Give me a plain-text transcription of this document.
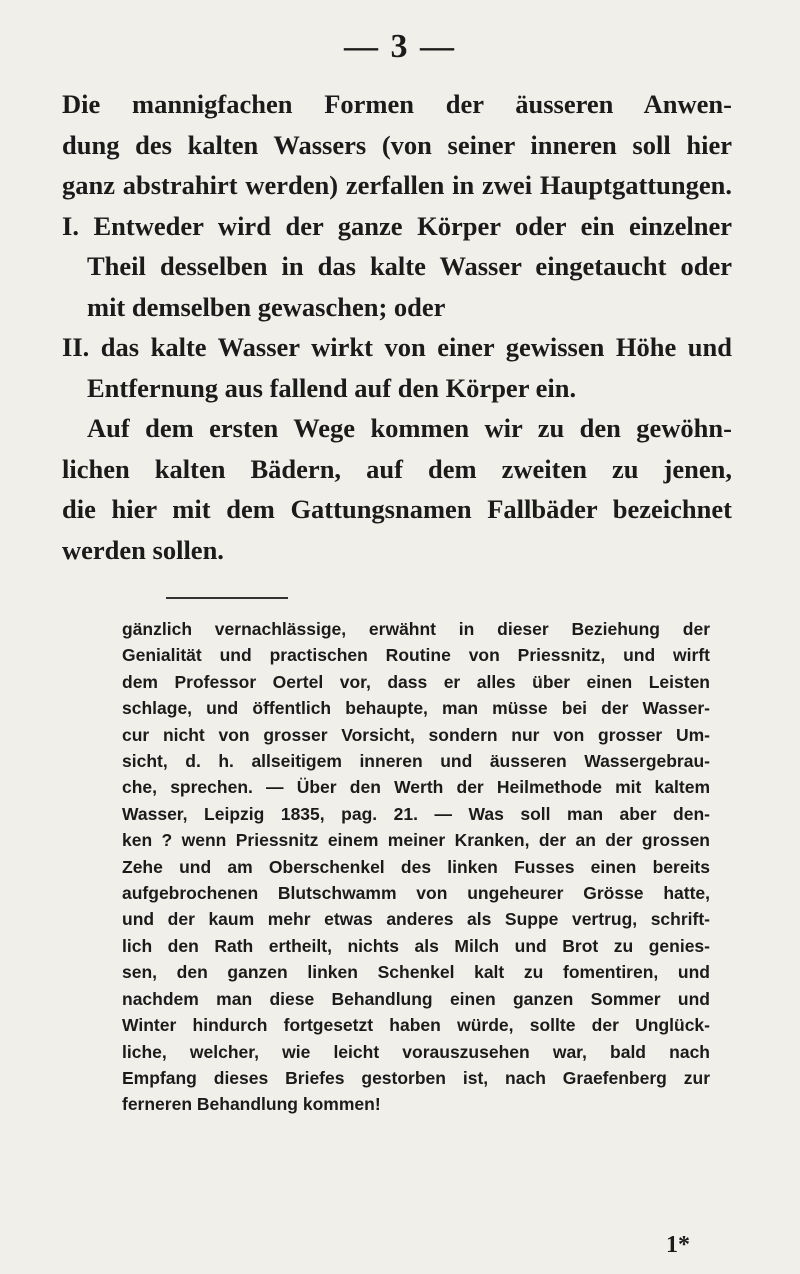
— 3 —
Die mannigfachen Formen der äusseren Anwen-
dung des kalten Wassers (von seiner inneren soll hier
ganz abstrahirt werden) zerfallen in zwei Hauptgattungen.
I. Entweder wird der ganze Körper oder ein einzelner
Theil desselben in das kalte Wasser eingetaucht oder
mit demselben gewaschen; oder
II. das kalte Wasser wirkt von einer gewissen Höhe und
Entfernung aus fallend auf den Körper ein.
Auf dem ersten Wege kommen wir zu den gewöhn-
lichen kalten Bädern, auf dem zweiten zu jenen,
die hier mit dem Gattungsnamen Fallbäder bezeichnet
werden sollen.
gänzlich vernachlässige, erwähnt in dieser Beziehung der
Genialität und practischen Routine von Priessnitz, und wirft
dem Professor Oertel vor, dass er alles über einen Leisten
schlage, und öffentlich behaupte, man müsse bei der Wasser-
cur nicht von grosser Vorsicht, sondern nur von grosser Um-
sicht, d. h. allseitigem inneren und äusseren Wassergebrau-
che, sprechen. — Über den Werth der Heilmethode mit kaltem
Wasser, Leipzig 1835, pag. 21. — Was soll man aber den-
ken ? wenn Priessnitz einem meiner Kranken, der an der grossen
Zehe und am Oberschenkel des linken Fusses einen bereits
aufgebrochenen Blutschwamm von ungeheurer Grösse hatte,
und der kaum mehr etwas anderes als Suppe vertrug, schrift-
lich den Rath ertheilt, nichts als Milch und Brot zu genies-
sen, den ganzen linken Schenkel kalt zu fomentiren, und
nachdem man diese Behandlung einen ganzen Sommer und
Winter hindurch fortgesetzt haben würde, sollte der Unglück-
liche, welcher, wie leicht vorauszusehen war, bald nach
Empfang dieses Briefes gestorben ist, nach Graefenberg zur
ferneren Behandlung kommen!
1*
